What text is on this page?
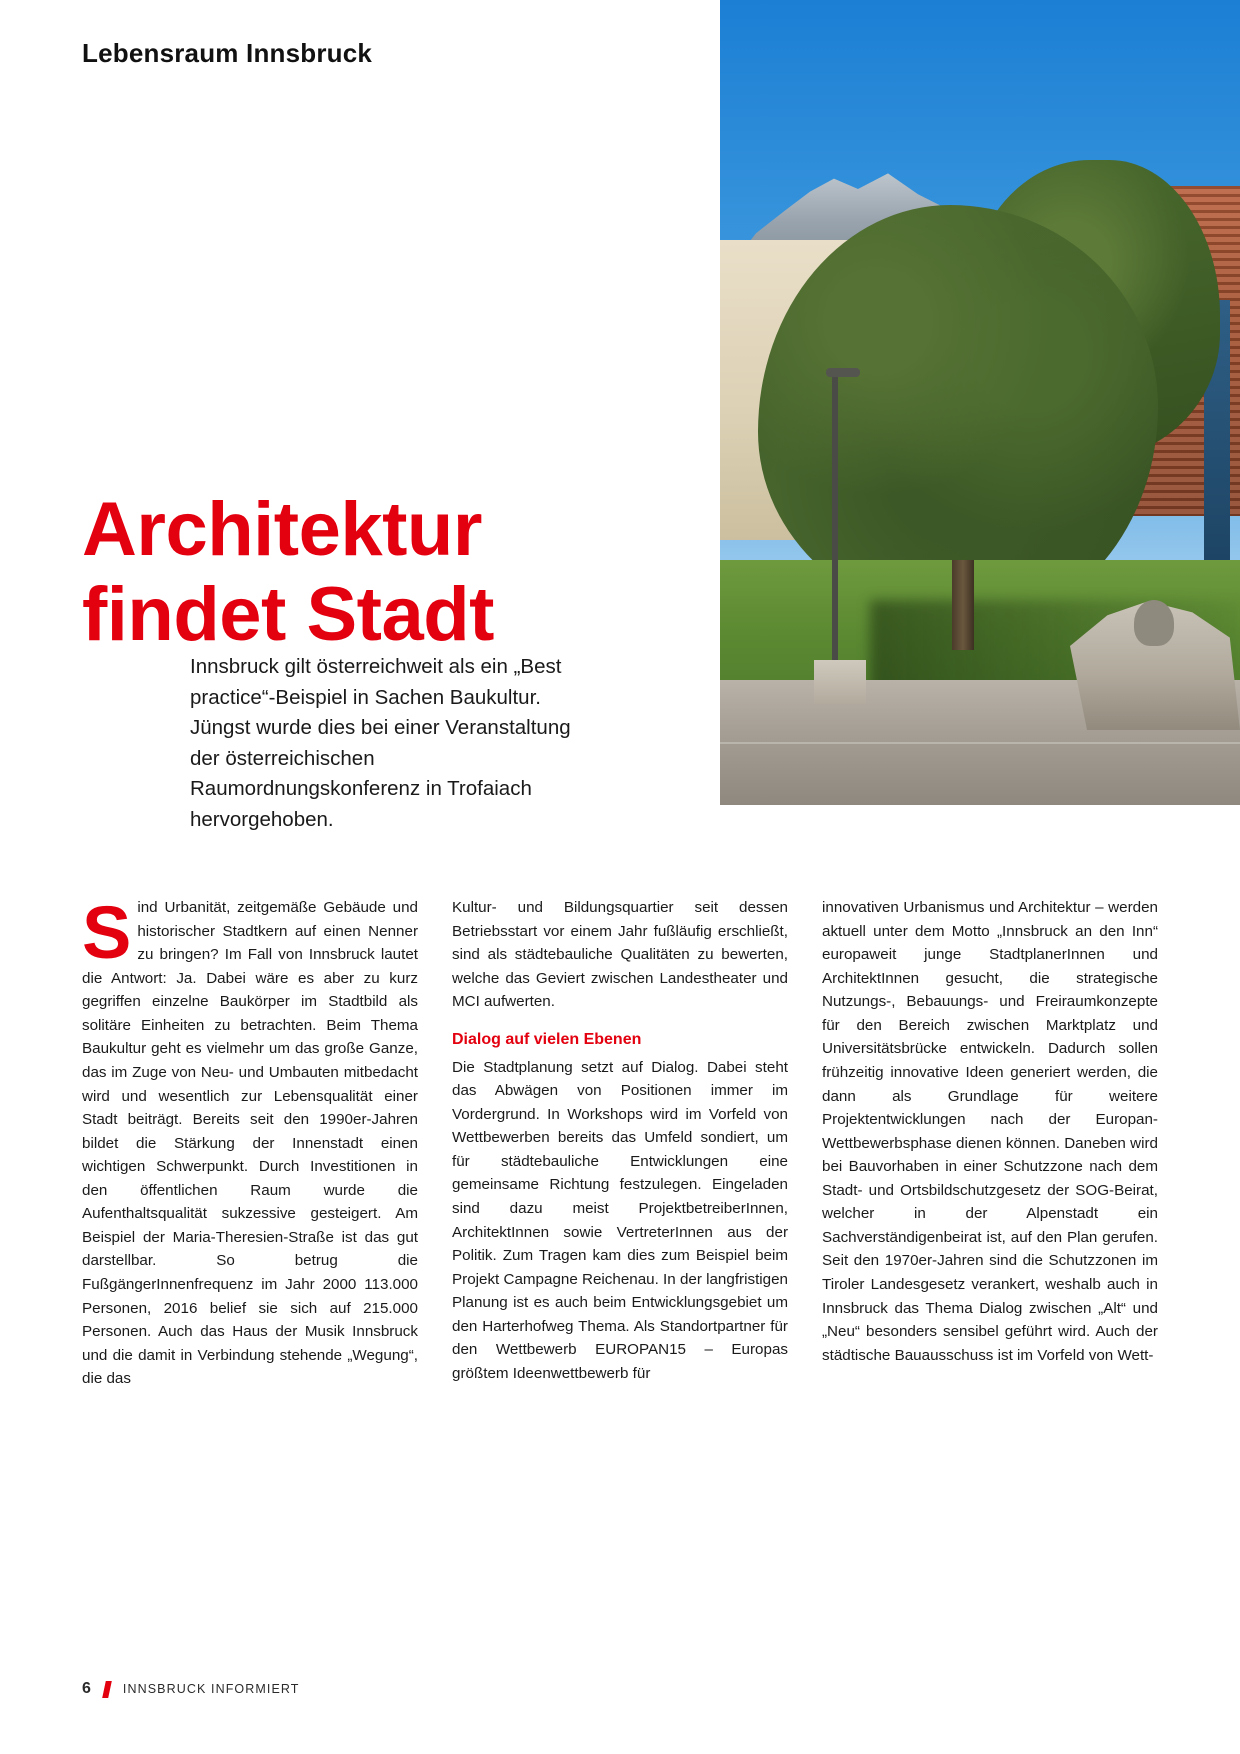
Lebensraum Innsbruck
Architektur
findet Stadt
Innsbruck gilt österreichweit als ein „Best practice“-Beispiel in Sachen Baukultur. Jüngst wurde dies bei einer Veranstaltung der österreichischen Raumordnungskonferenz in Trofaiach hervorgehoben.

Sind Urbanität, zeitgemäße Gebäude und historischer Stadtkern auf einen Nenner zu bringen? Im Fall von Innsbruck lautet die Antwort: Ja. Dabei wäre es aber zu kurz gegriffen einzelne Baukörper im Stadtbild als solitäre Einheiten zu betrachten. Beim Thema Baukultur geht es vielmehr um das große Ganze, das im Zuge von Neu- und Umbauten mitbedacht wird und wesentlich zur Lebensqualität einer Stadt beiträgt. Bereits seit den 1990er-Jahren bildet die Stärkung der Innenstadt einen wichtigen Schwerpunkt. Durch Investitionen in den öffentlichen Raum wurde die Aufenthaltsqualität sukzessive gesteigert. Am Beispiel der Maria-Theresien-Straße ist das gut darstellbar. So betrug die FußgängerInnenfrequenz im Jahr 2000 113.000 Personen, 2016 belief sie sich auf 215.000 Personen. Auch das Haus der Musik Innsbruck und die damit in Verbindung stehende „Wegung“, die das

Kultur- und Bildungsquartier seit dessen Betriebsstart vor einem Jahr fußläufig erschließt, sind als städtebauliche Qualitäten zu bewerten, welche das Geviert zwischen Landestheater und MCI aufwerten.

Dialog auf vielen Ebenen

Die Stadtplanung setzt auf Dialog. Dabei steht das Abwägen von Positionen immer im Vordergrund. In Workshops wird im Vorfeld von Wettbewerben bereits das Umfeld sondiert, um für städtebauliche Entwicklungen eine gemeinsame Richtung festzulegen. Eingeladen sind dazu meist ProjektbetreiberInnen, ArchitektInnen sowie VertreterInnen aus der Politik. Zum Tragen kam dies zum Beispiel beim Projekt Campagne Reichenau. In der langfristigen Planung ist es auch beim Entwicklungsgebiet um den Harterhofweg Thema. Als Standortpartner für den Wettbewerb EUROPAN15 – Europas größtem Ideenwettbewerb für

innovativen Urbanismus und Architektur – werden aktuell unter dem Motto „Innsbruck an den Inn“ europaweit junge StadtplanerInnen und ArchitektInnen gesucht, die strategische Nutzungs-, Bebauungs- und Freiraumkonzepte für den Bereich zwischen Marktplatz und Universitätsbrücke entwickeln. Dadurch sollen frühzeitig innovative Ideen generiert werden, die dann als Grundlage für weitere Projektentwicklungen nach der Europan-Wettbewerbsphase dienen können. Daneben wird bei Bauvorhaben in einer Schutzzone nach dem Stadt- und Ortsbildschutzgesetz der SOG-Beirat, welcher in der Alpenstadt ein Sachverständigenbeirat ist, auf den Plan gerufen. Seit den 1970er-Jahren sind die Schutzzonen im Tiroler Landesgesetz verankert, weshalb auch in Innsbruck das Thema Dialog zwischen „Alt“ und „Neu“ besonders sensibel geführt wird. Auch der städtische Bauausschuss ist im Vorfeld von Wett-

6	INNSBRUCK INFORMIERT
